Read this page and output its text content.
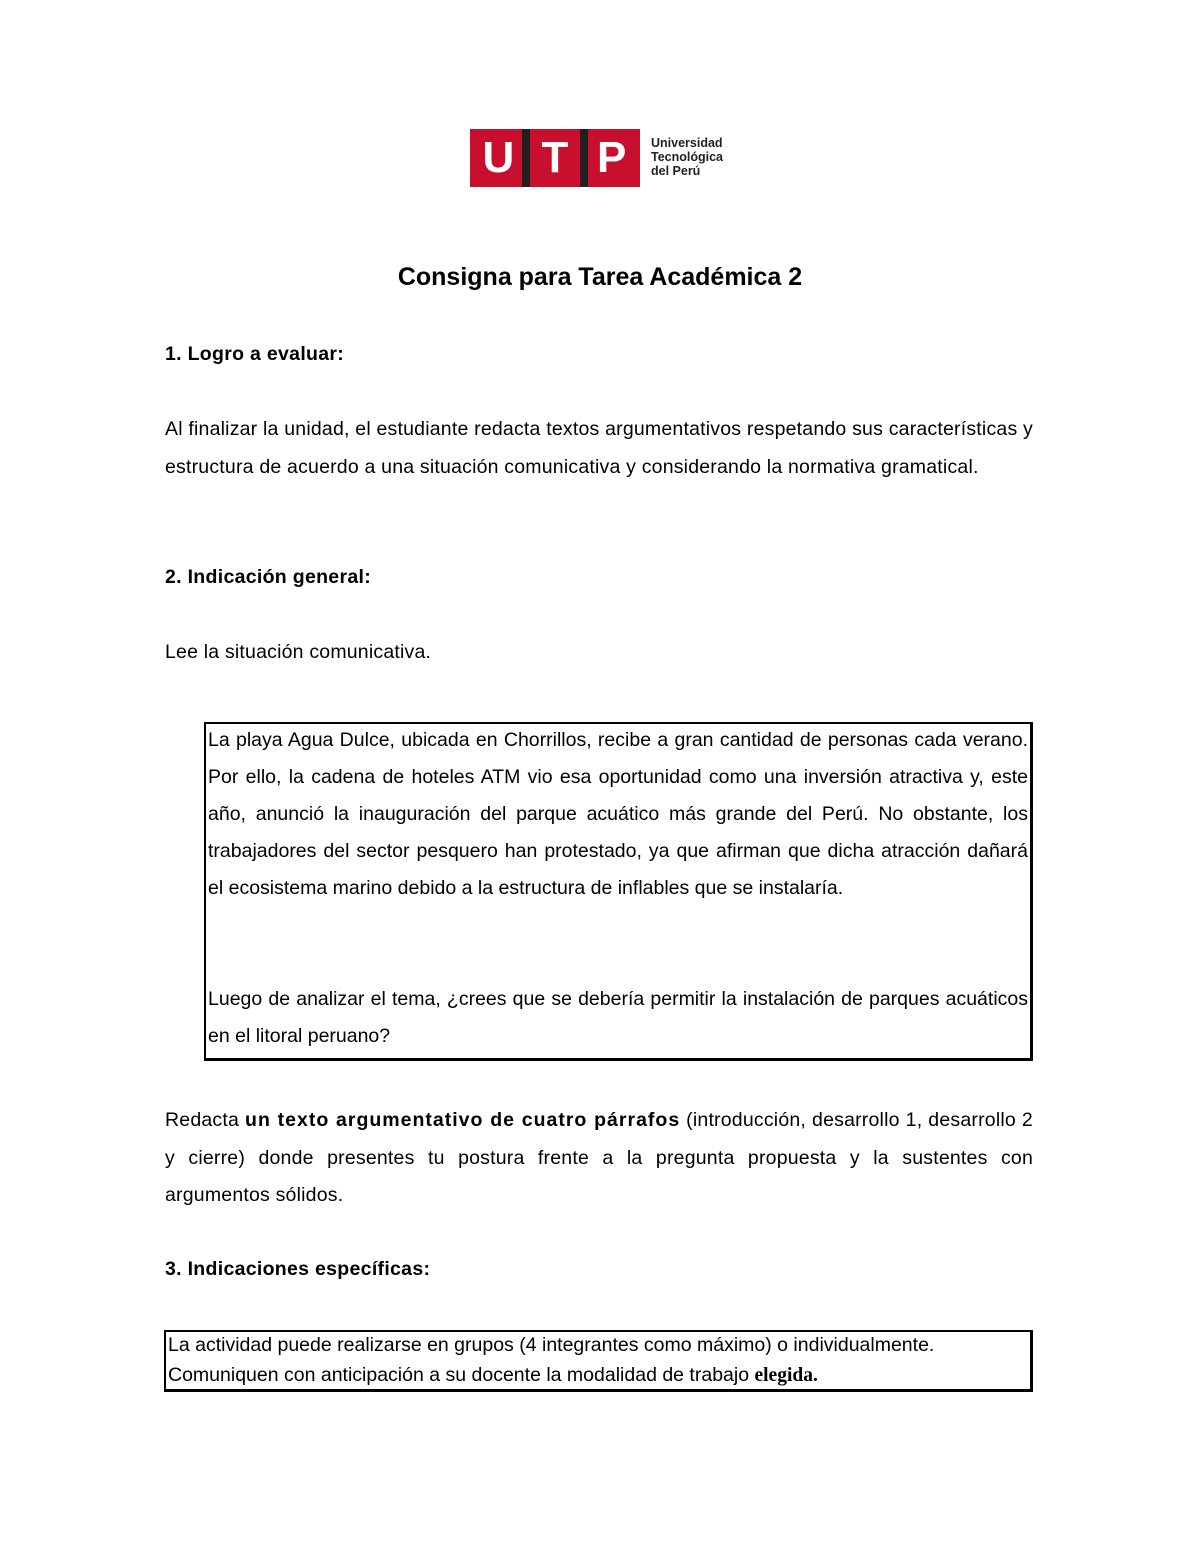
U T P	Universidad
Tecnológica
del Perú
Consigna para Tarea Académica 2
1. Logro a evaluar:
Al finalizar la unidad, el estudiante redacta textos argumentativos respetando sus características y estructura de acuerdo a una situación comunicativa y considerando la normativa gramatical.
2. Indicación general:
Lee la situación comunicativa.
La playa Agua Dulce, ubicada en Chorrillos, recibe a gran cantidad de personas cada verano. Por ello, la cadena de hoteles ATM vio esa oportunidad como una inversión atractiva y, este año, anunció la inauguración del parque acuático más grande del Perú. No obstante, los trabajadores del sector pesquero han protestado, ya que afirman que dicha atracción dañará el ecosistema marino debido a la estructura de inflables que se instalaría.
Luego de analizar el tema, ¿crees que se debería permitir la instalación de parques acuáticos en el litoral peruano?
Redacta un texto argumentativo de cuatro párrafos (introducción, desarrollo 1, desarrollo 2 y cierre) donde presentes tu postura frente a la pregunta propuesta y la sustentes con argumentos sólidos.
3. Indicaciones específicas:
La actividad puede realizarse en grupos (4 integrantes como máximo) o individualmente.
Comuniquen con anticipación a su docente la modalidad de trabajo elegida.
